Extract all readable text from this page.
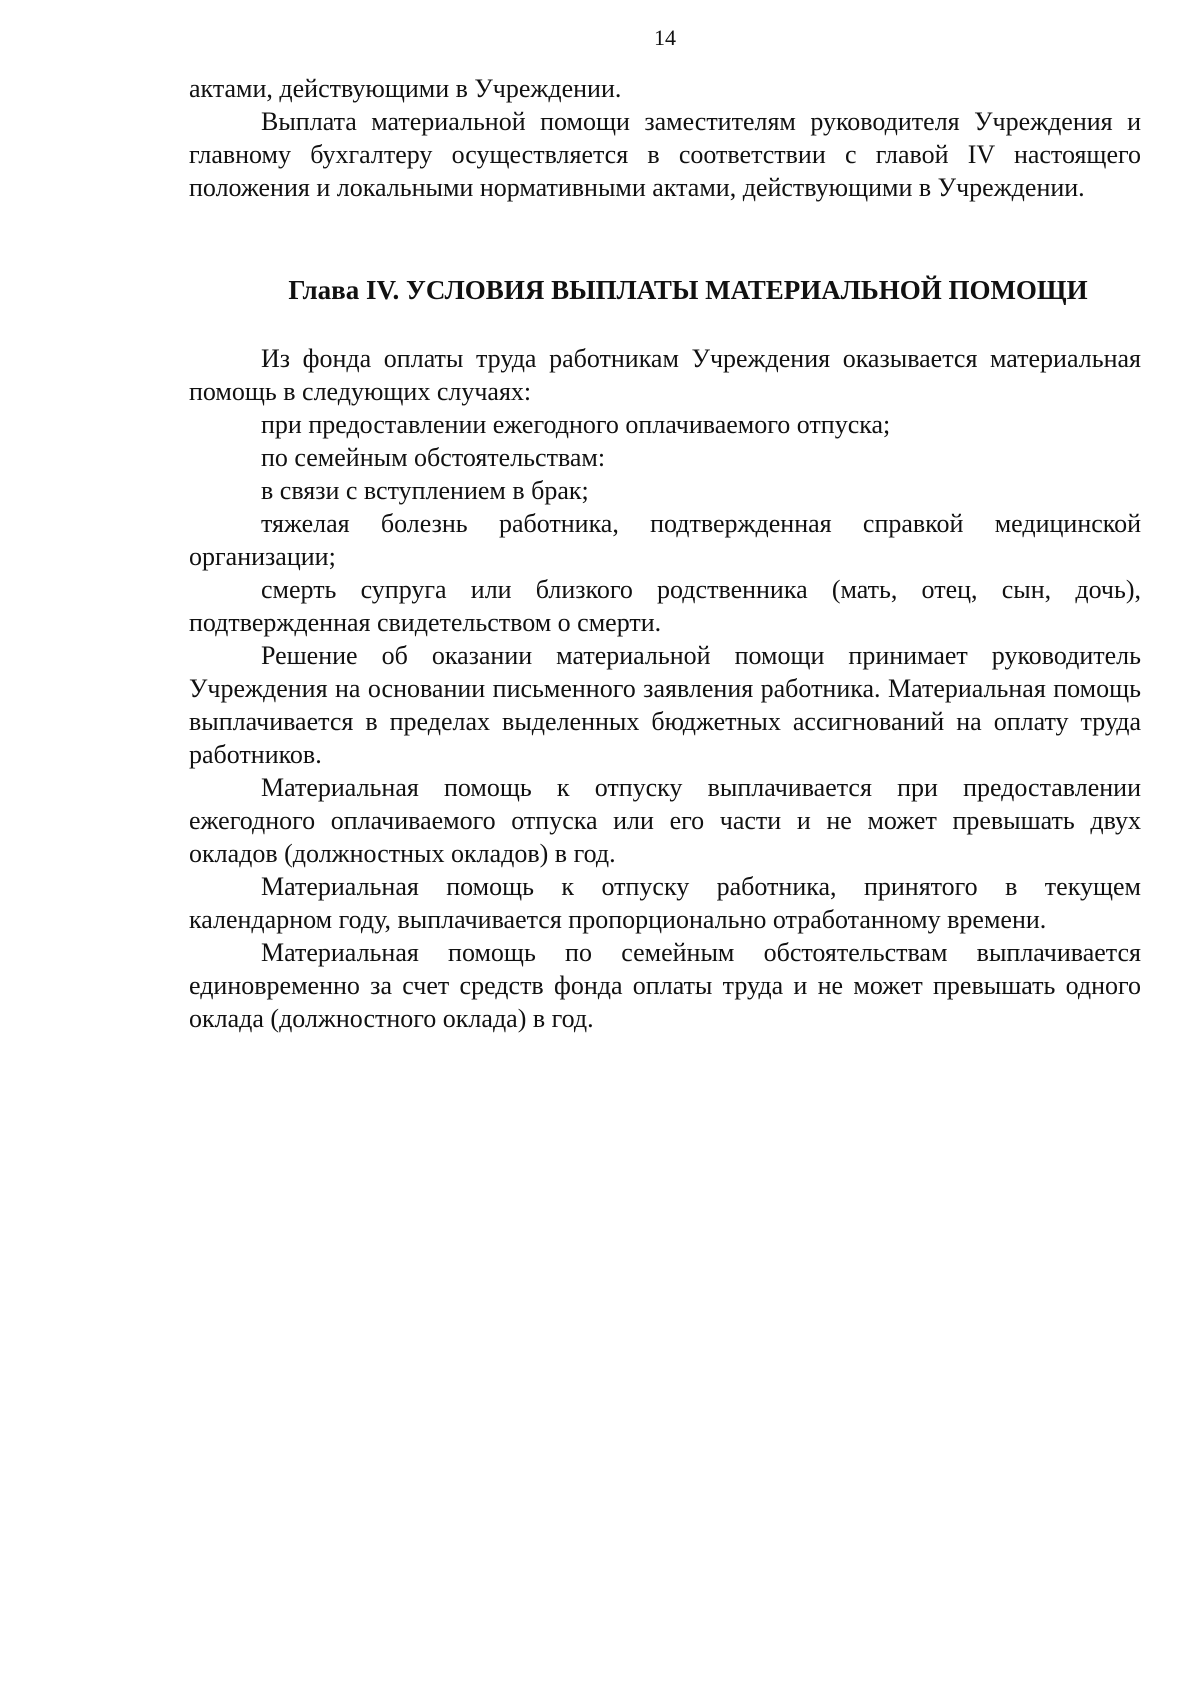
14

актами, действующими в Учреждении.

Выплата материальной помощи заместителям руководителя Учреждения и главному бухгалтеру осуществляется в соответствии с главой IV настоящего положения и локальными нормативными актами, действующими в Учреждении.

Глава IV. УСЛОВИЯ ВЫПЛАТЫ МАТЕРИАЛЬНОЙ ПОМОЩИ

Из фонда оплаты труда работникам Учреждения оказывается материальная помощь в следующих случаях:

при предоставлении ежегодного оплачиваемого отпуска;

по семейным обстоятельствам:

в связи с вступлением в брак;

тяжелая болезнь работника, подтвержденная справкой медицинской организации;

смерть супруга или близкого родственника (мать, отец, сын, дочь), подтвержденная свидетельством о смерти.

Решение об оказании материальной помощи принимает руководитель Учреждения на основании письменного заявления работника. Материальная помощь выплачивается в пределах выделенных бюджетных ассигнований на оплату труда работников.

Материальная помощь к отпуску выплачивается при предоставлении ежегодного оплачиваемого отпуска или его части и не может превышать двух окладов (должностных окладов) в год.

Материальная помощь к отпуску работника, принятого в текущем календарном году, выплачивается пропорционально отработанному времени.

Материальная помощь по семейным обстоятельствам выплачивается единовременно за счет средств фонда оплаты труда и не может превышать одного оклада (должностного оклада) в год.
